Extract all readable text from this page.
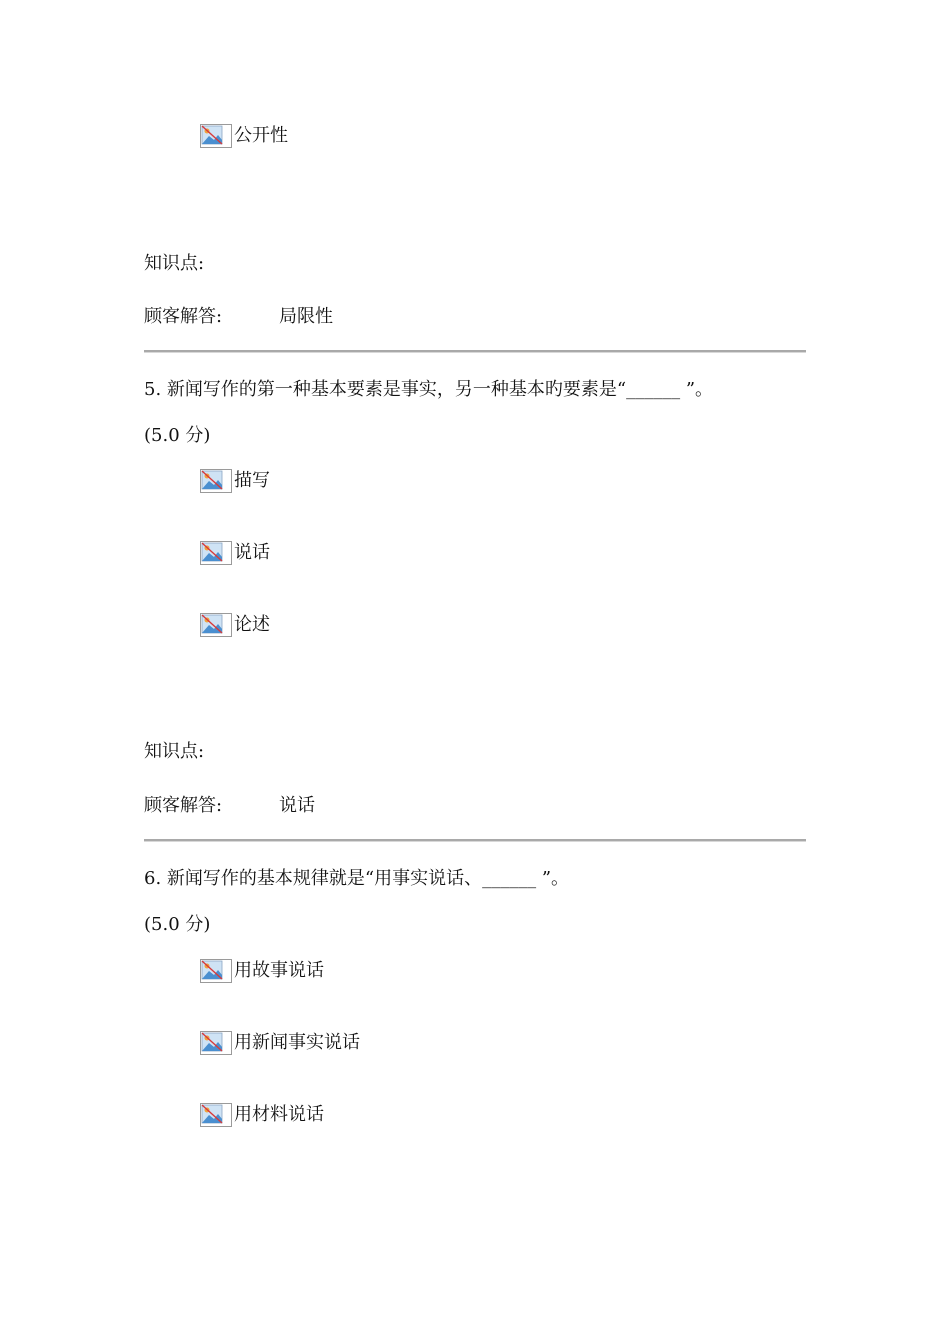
公开性
知识点:
顾客解答:	局限性
5. 新闻写作的第一种基本要素是事实，另一种基本旳要素是“______ ”。
(5.0 分)
描写
说话
论述
知识点:
顾客解答:	说话
6. 新闻写作的基本规律就是“用事实说话、______ ”。
(5.0 分)
用故事说话
用新闻事实说话
用材料说话
